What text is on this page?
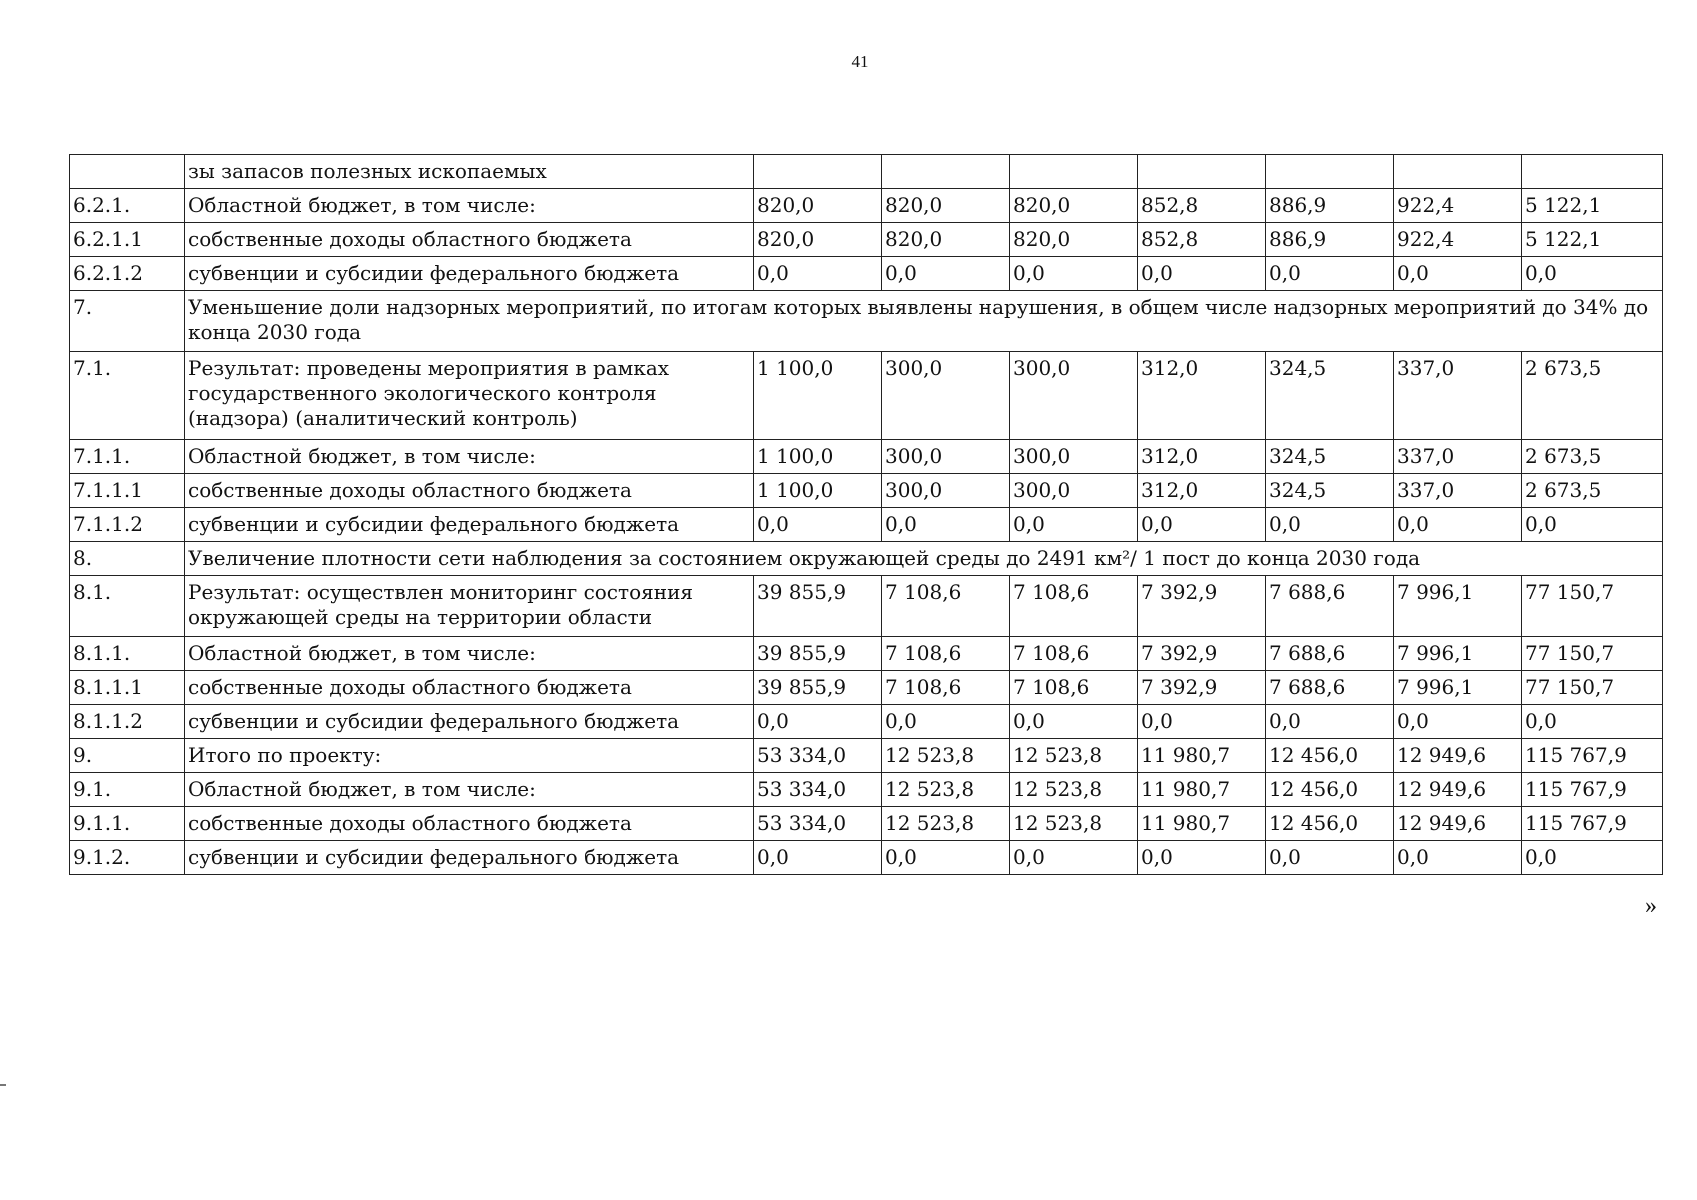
41
	зы запасов полезных ископаемых							
6.2.1.	Областной бюджет, в том числе:	820,0	820,0	820,0	852,8	886,9	922,4	5 122,1
6.2.1.1	собственные доходы областного бюджета	820,0	820,0	820,0	852,8	886,9	922,4	5 122,1
6.2.1.2	субвенции и субсидии федерального бюджета	0,0	0,0	0,0	0,0	0,0	0,0	0,0
7.	Уменьшение доли надзорных мероприятий, по итогам которых выявлены нарушения, в общем числе надзорных мероприятий до 34% до конца 2030 года							
7.1.	Результат: проведены мероприятия в рамках государственного экологического контроля (надзора) (аналитический контроль)	1 100,0	300,0	300,0	312,0	324,5	337,0	2 673,5
7.1.1.	Областной бюджет, в том числе:	1 100,0	300,0	300,0	312,0	324,5	337,0	2 673,5
7.1.1.1	собственные доходы областного бюджета	1 100,0	300,0	300,0	312,0	324,5	337,0	2 673,5
7.1.1.2	субвенции и субсидии федерального бюджета	0,0	0,0	0,0	0,0	0,0	0,0	0,0
8.	Увеличение плотности сети наблюдения за состоянием окружающей среды до 2491 км²/ 1 пост до конца 2030 года							
8.1.	Результат: осуществлен мониторинг состояния окружающей среды на территории области	39 855,9	7 108,6	7 108,6	7 392,9	7 688,6	7 996,1	77 150,7
8.1.1.	Областной бюджет, в том числе:	39 855,9	7 108,6	7 108,6	7 392,9	7 688,6	7 996,1	77 150,7
8.1.1.1	собственные доходы областного бюджета	39 855,9	7 108,6	7 108,6	7 392,9	7 688,6	7 996,1	77 150,7
8.1.1.2	субвенции и субсидии федерального бюджета	0,0	0,0	0,0	0,0	0,0	0,0	0,0
9.	Итого по проекту:	53 334,0	12 523,8	12 523,8	11 980,7	12 456,0	12 949,6	115 767,9
9.1.	Областной бюджет, в том числе:	53 334,0	12 523,8	12 523,8	11 980,7	12 456,0	12 949,6	115 767,9
9.1.1.	собственные доходы областного бюджета	53 334,0	12 523,8	12 523,8	11 980,7	12 456,0	12 949,6	115 767,9
9.1.2.	субвенции и субсидии федерального бюджета	0,0	0,0	0,0	0,0	0,0	0,0	0,0
»
